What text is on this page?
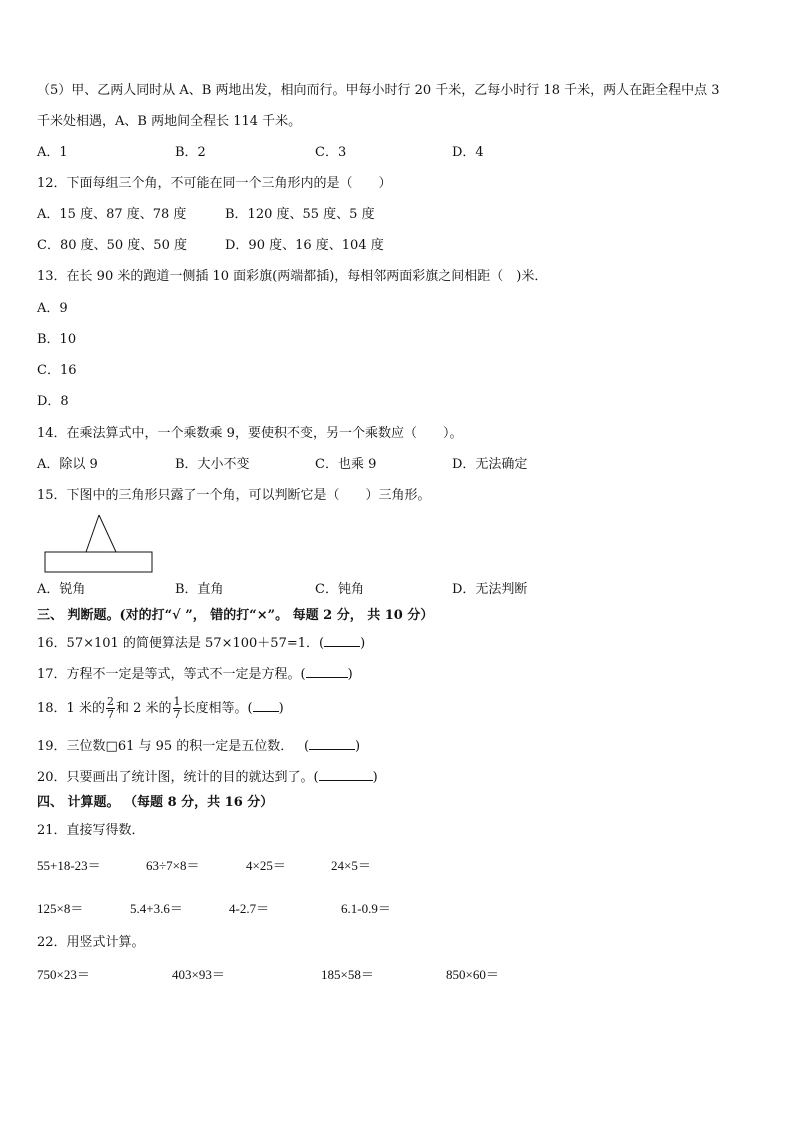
（5）甲、乙两人同时从 A、B 两地出发，相向而行。甲每小时行 20 千米，乙每小时行 18 千米，两人在距全程中点 3
千米处相遇，A、B 两地间全程长 114 千米。
A．1	B．2	C．3	D．4
12．下面每组三个角，不可能在同一个三角形内的是（　　）
A．15 度、87 度、78 度	B．120 度、55 度、5 度
C．80 度、50 度、50 度	D．90 度、16 度、104 度
13．在长 90 米的跑道一侧插 10 面彩旗(两端都插)，每相邻两面彩旗之间相距（　)米．
A．9
B．10
C．16
D．8
14．在乘法算式中，一个乘数乘 9，要使积不变，另一个乘数应（　　）。
A．除以 9	B．大小不变	C．也乘 9	D．无法确定
15．下图中的三角形只露了一个角，可以判断它是（　　）三角形。
A．锐角	B．直角	C．钝角	D．无法判断
三、 判断题。(对的打“√ ”， 错的打“×”。 每题 2 分， 共 10 分）
16．57×101 的简便算法是 57×100＋57=1．(	)
17．方程不一定是等式，等式不一定是方程。(	)
18．1 米的 $\frac{2}{7}$ 和 2 米的 $\frac{1}{7}$ 长度相等。( )
19．三位数□61 与 95 的积一定是五位数．　 (	)
20．只要画出了统计图，统计的目的就达到了。(	)
四、 计算题。 （每题 8 分，共 16 分）
21．直接写得数．
55+18-23＝	63÷7×8＝	4×25＝	24×5＝
125×8＝	5.4+3.6＝	4-2.7＝	6.1-0.9＝
22．用竖式计算。
750×23＝	403×93＝	185×58＝	850×60＝
